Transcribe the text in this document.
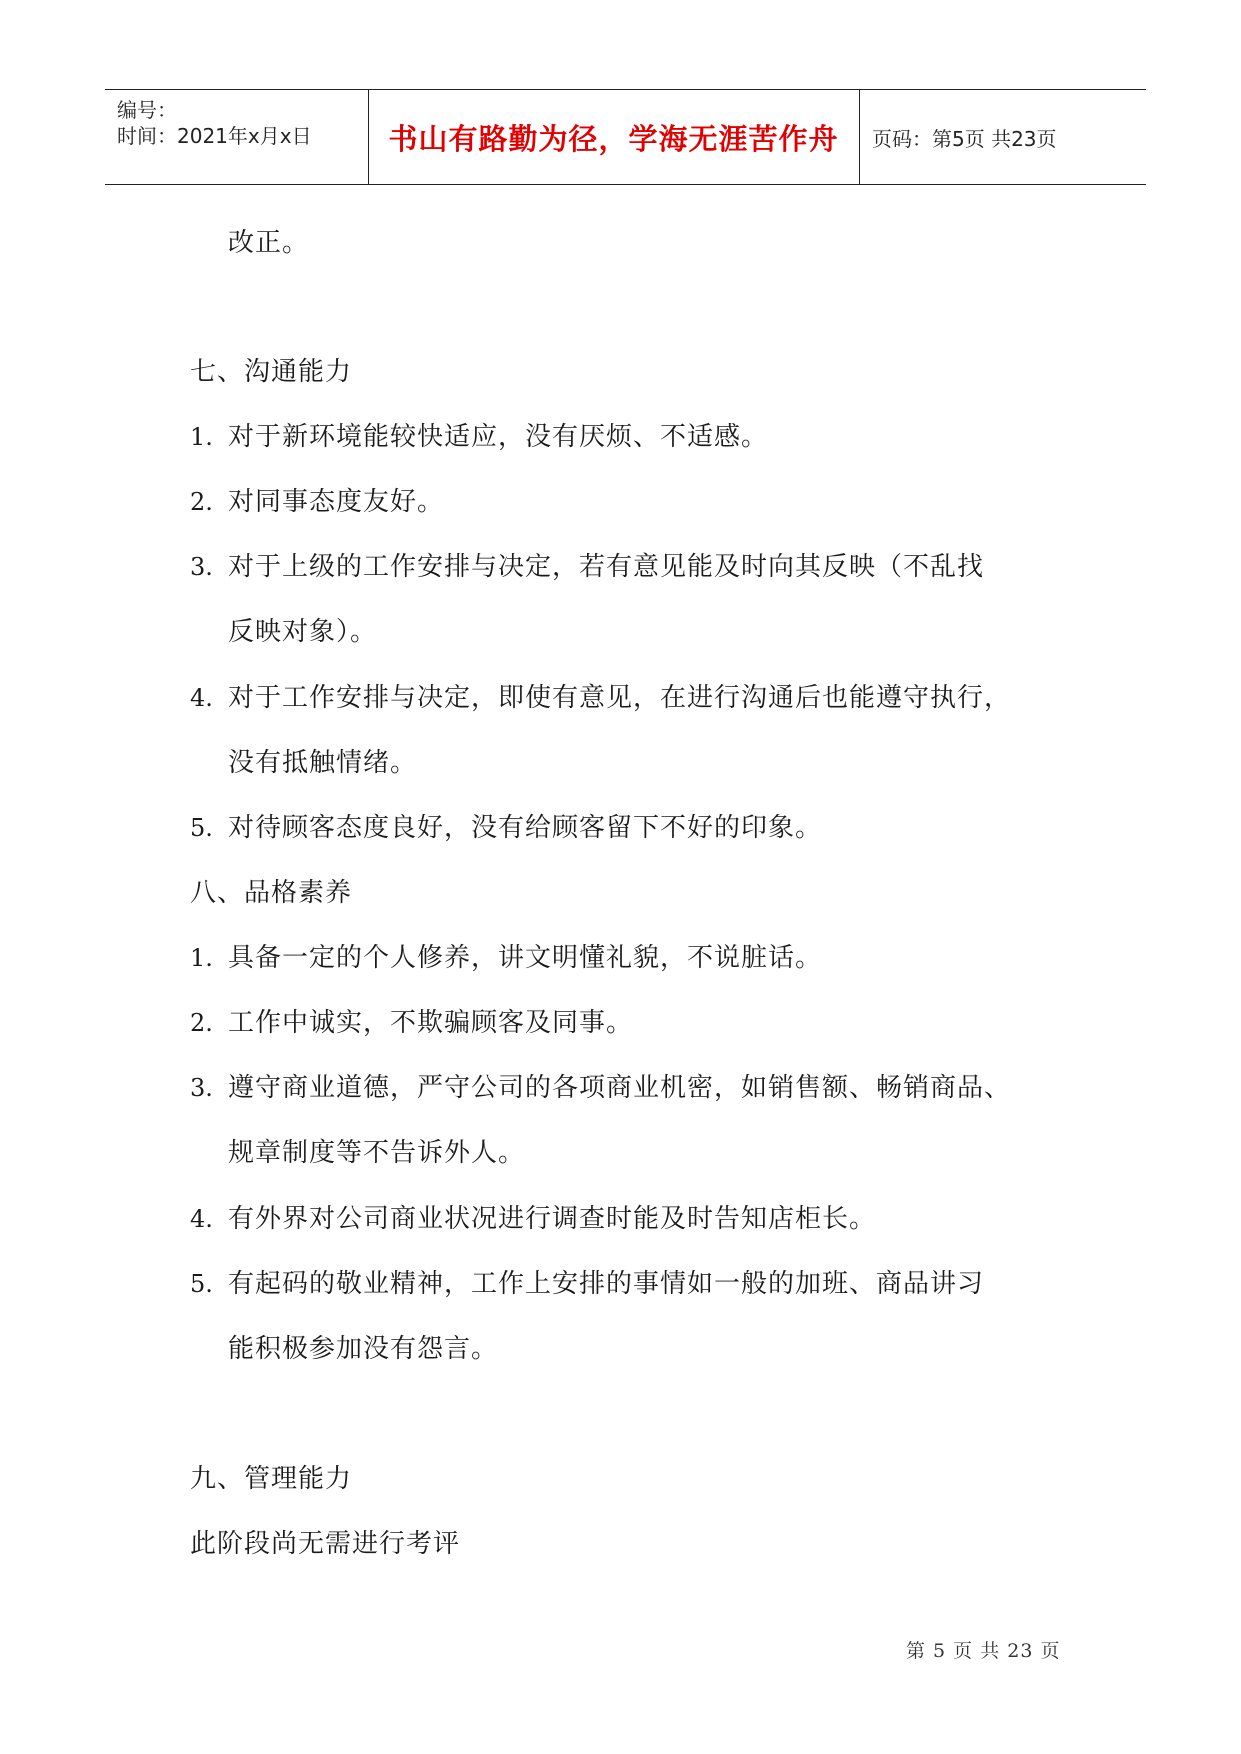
编号：
时间：2021年x月x日	书山有路勤为径，学海无涯苦作舟	页码：第5页 共23页
改正。
七、沟通能力
1. 对于新环境能较快适应，没有厌烦、不适感。
2. 对同事态度友好。
3. 对于上级的工作安排与决定，若有意见能及时向其反映（不乱找
反映对象）。
4. 对于工作安排与决定，即使有意见，在进行沟通后也能遵守执行，
没有抵触情绪。
5. 对待顾客态度良好，没有给顾客留下不好的印象。
八、品格素养
1. 具备一定的个人修养，讲文明懂礼貌，不说脏话。
2. 工作中诚实，不欺骗顾客及同事。
3. 遵守商业道德，严守公司的各项商业机密，如销售额、畅销商品、
规章制度等不告诉外人。
4. 有外界对公司商业状况进行调查时能及时告知店柜长。
5. 有起码的敬业精神，工作上安排的事情如一般的加班、商品讲习
能积极参加没有怨言。
九、管理能力
此阶段尚无需进行考评
第 5 页 共 23 页
